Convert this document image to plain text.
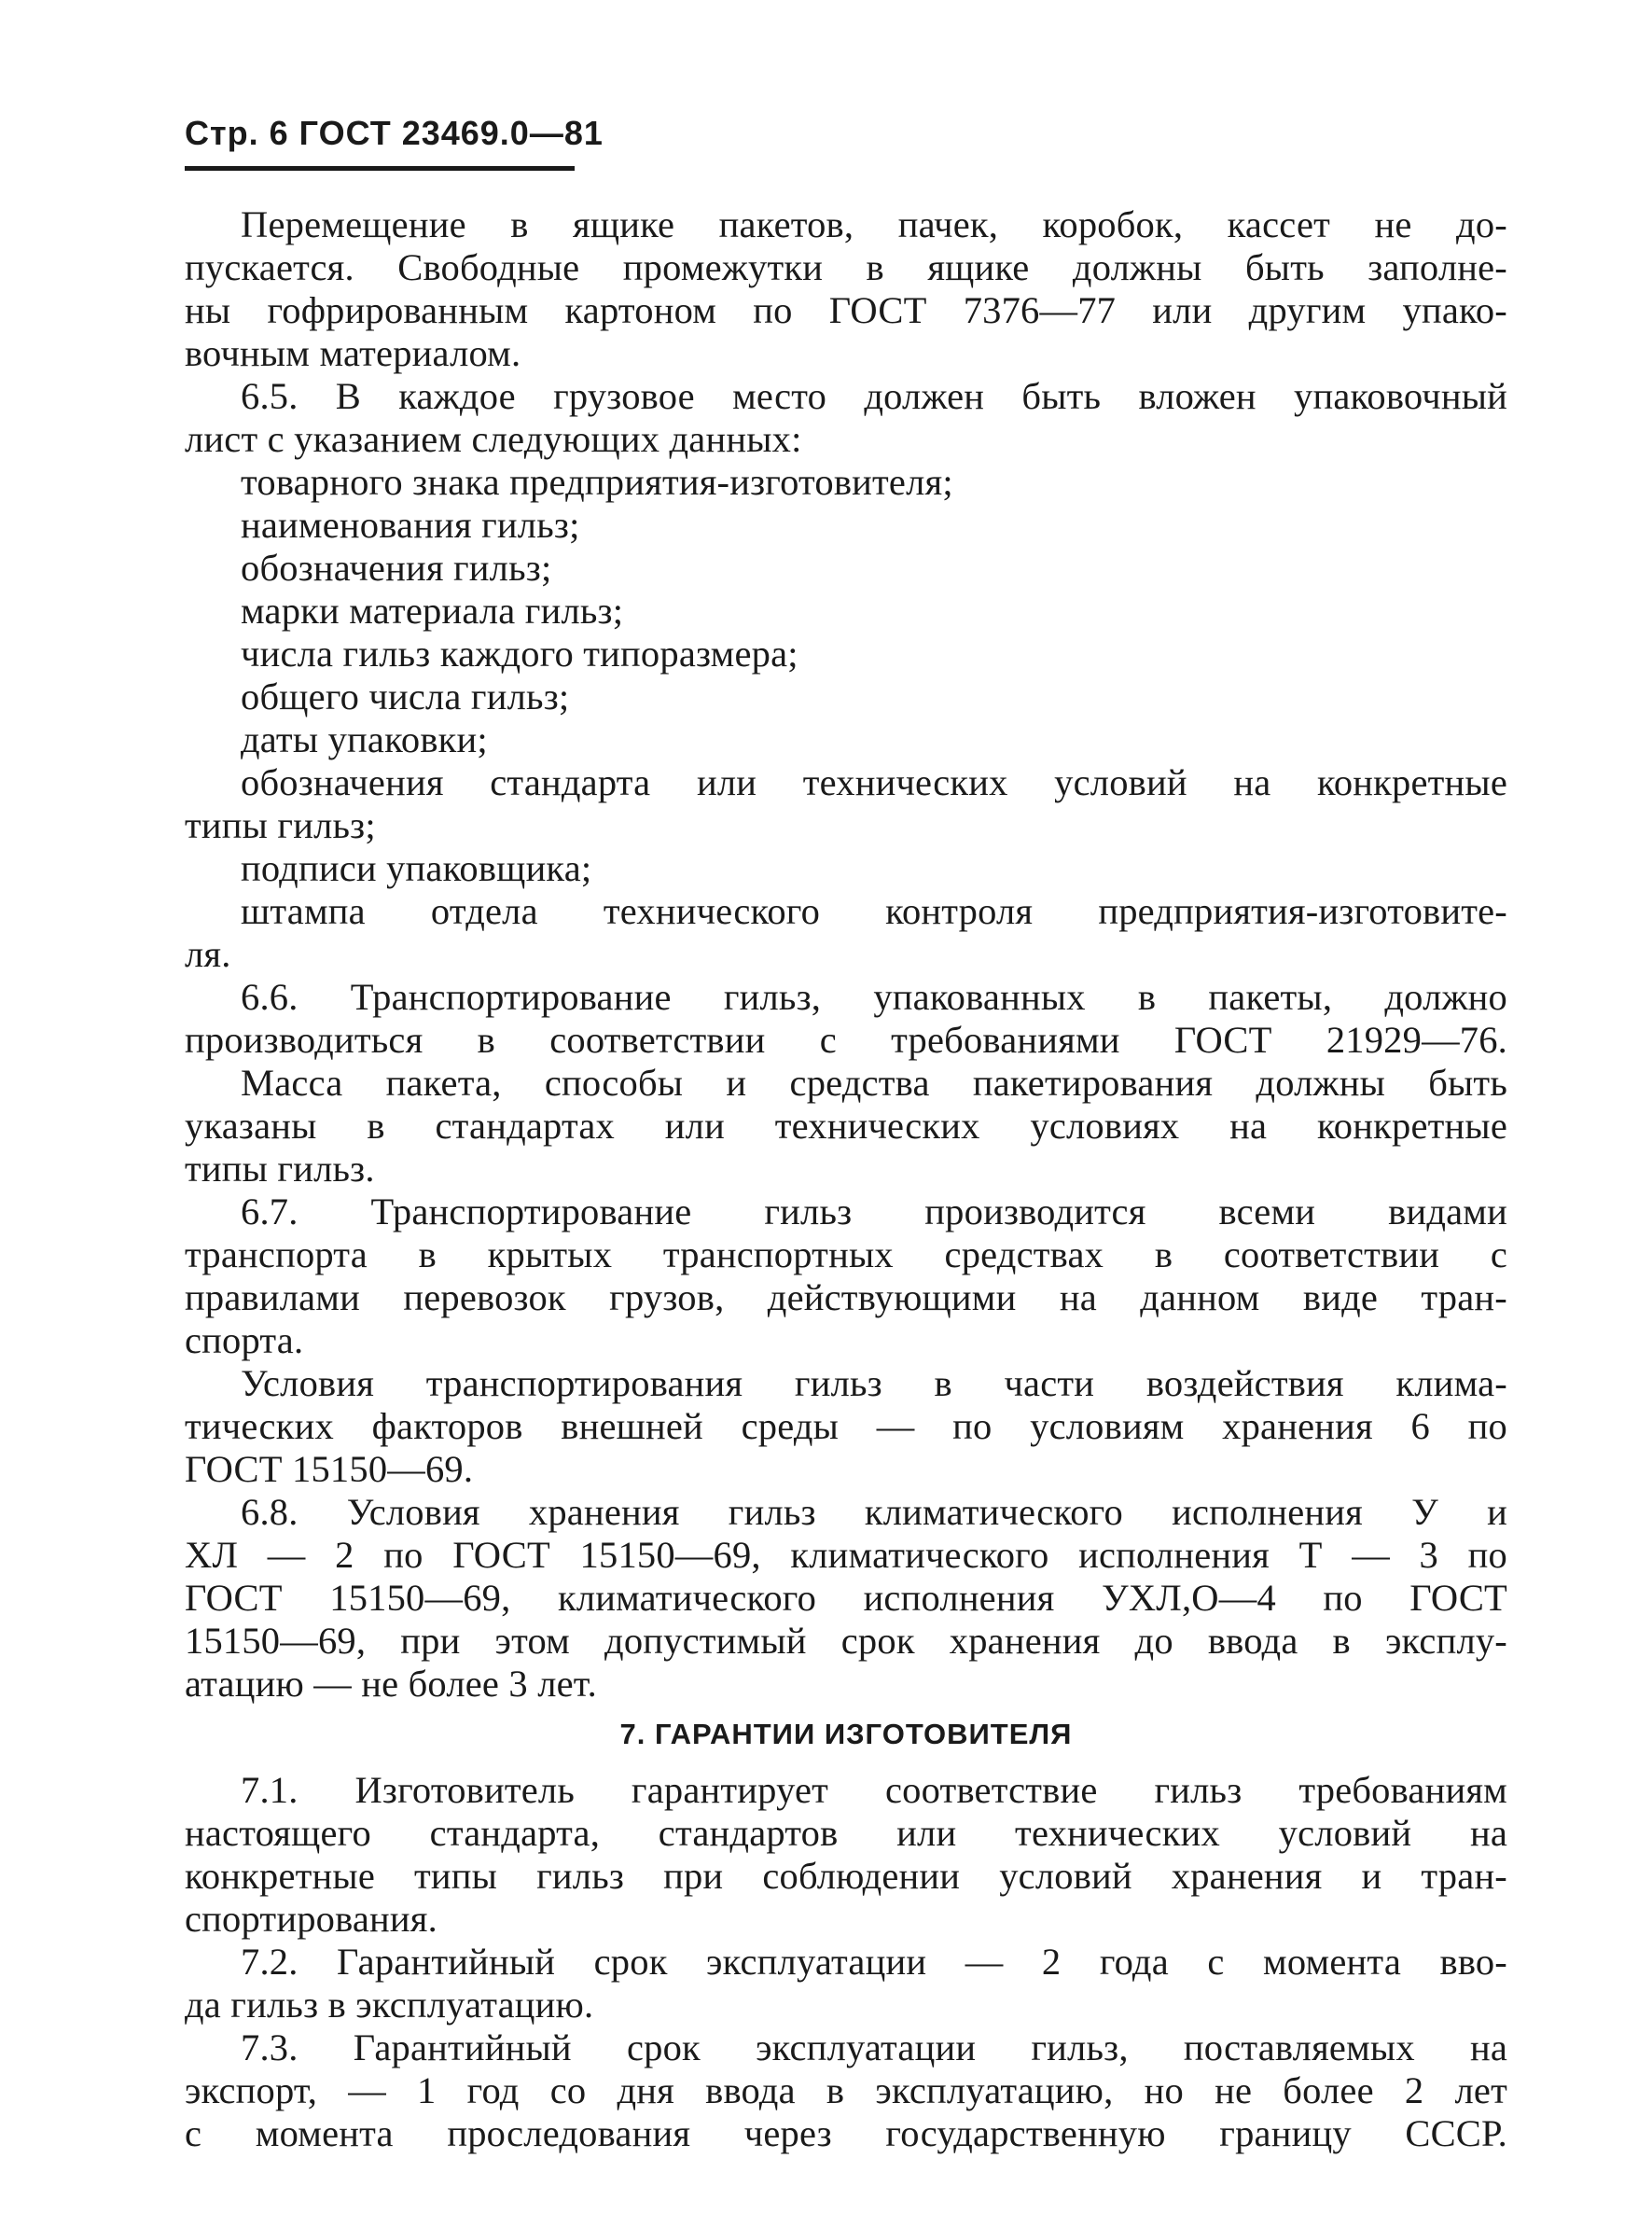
Стр. 6 ГОСТ 23469.0—81
Перемещение в ящике пакетов, пачек, коробок, кассет не до-
пускается. Свободные промежутки в ящике должны быть заполне-
ны гофрированным картоном по ГОСТ 7376—77 или другим упако-
вочным материалом.
6.5. В каждое грузовое место должен быть вложен упаковочный
лист с указанием следующих данных:
товарного знака предприятия-изготовителя;
наименования гильз;
обозначения гильз;
марки материала гильз;
числа гильз каждого типоразмера;
общего числа гильз;
даты упаковки;
обозначения стандарта или технических условий на конкретные
типы гильз;
подписи упаковщика;
штампа отдела технического контроля предприятия-изготовите-
ля.
6.6. Транспортирование гильз, упакованных в пакеты, должно
производиться в соответствии с требованиями ГОСТ 21929—76.
Масса пакета, способы и средства пакетирования должны быть
указаны в стандартах или технических условиях на конкретные
типы гильз.
6.7. Транспортирование гильз производится всеми видами
транспорта в крытых транспортных средствах в соответствии с
правилами перевозок грузов, действующими на данном виде тран-
спорта.
Условия транспортирования гильз в части воздействия клима-
тических факторов внешней среды — по условиям хранения 6 по
ГОСТ 15150—69.
6.8. Условия хранения гильз климатического исполнения У и
ХЛ — 2 по ГОСТ 15150—69, климатического исполнения Т — 3 по
ГОСТ 15150—69, климатического исполнения УХЛ,О—4 по ГОСТ
15150—69, при этом допустимый срок хранения до ввода в эксплу-
атацию — не более 3 лет.
7. ГАРАНТИИ ИЗГОТОВИТЕЛЯ
7.1. Изготовитель гарантирует соответствие гильз требованиям
настоящего стандарта, стандартов или технических условий на
конкретные типы гильз при соблюдении условий хранения и тран-
спортирования.
7.2. Гарантийный срок эксплуатации — 2 года с момента вво-
да гильз в эксплуатацию.
7.3. Гарантийный срок эксплуатации гильз, поставляемых на
экспорт, — 1 год со дня ввода в эксплуатацию, но не более 2 лет
с момента проследования через государственную границу СССР.
